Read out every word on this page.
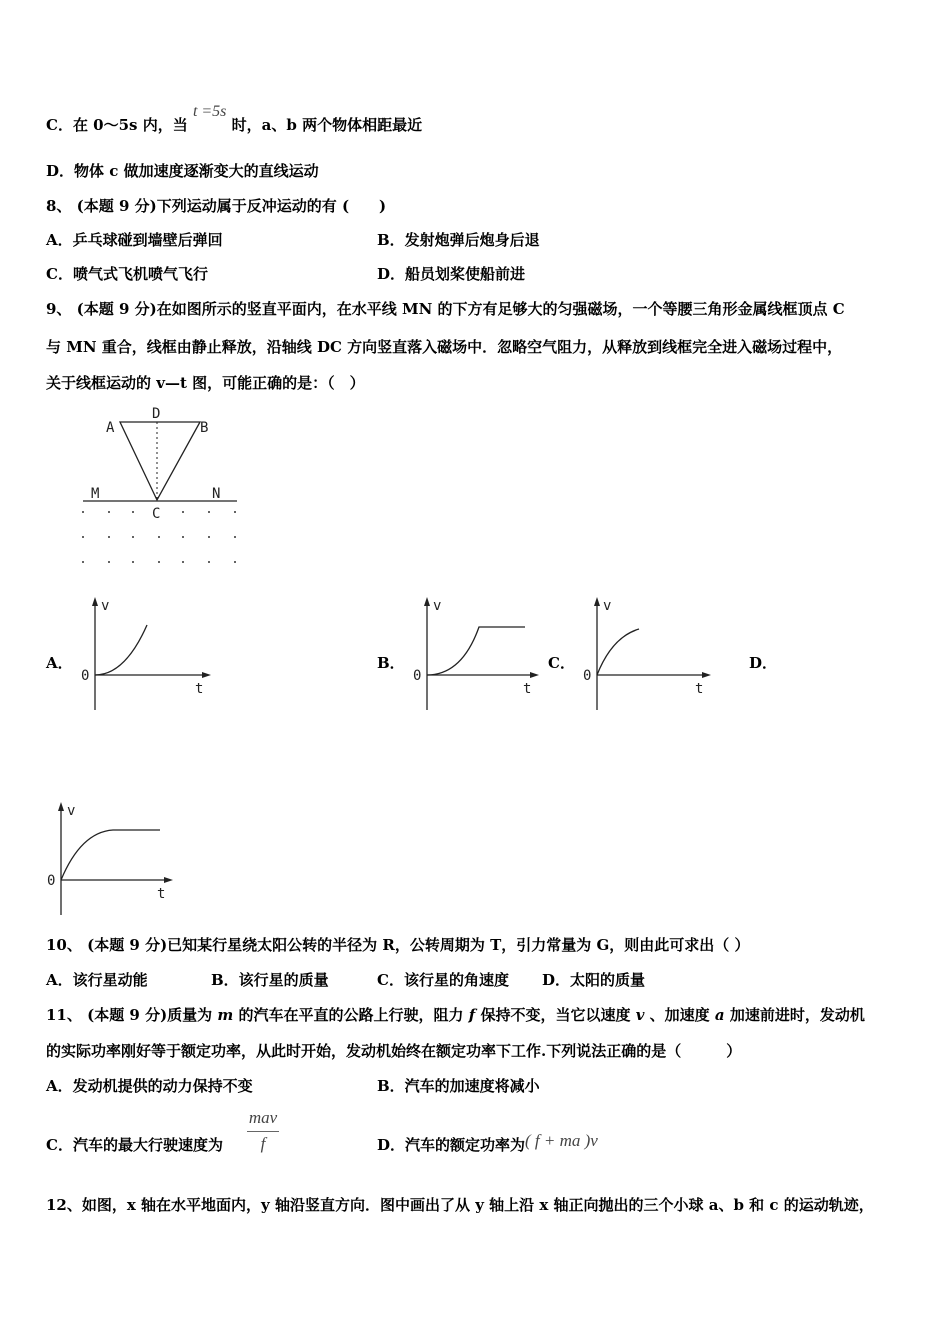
C．在 0～5s 内，当 t =5s 时，a、b 两个物体相距最近
D．物体 c 做加速度逐渐变大的直线运动
8、 (本题 9 分)下列运动属于反冲运动的有 (　　)
A．乒乓球碰到墙壁后弹回	B．发射炮弹后炮身后退
C．喷气式飞机喷气飞行	D．船员划桨使船前进
9、 (本题 9 分)在如图所示的竖直平面内，在水平线 MN 的下方有足够大的匀强磁场，一个等腰三角形金属线框顶点 C
与 MN 重合，线框由静止释放，沿轴线 DC 方向竖直落入磁场中．忽略空气阻力，从释放到线框完全进入磁场过程中，
关于线框运动的 v—t 图，可能正确的是：（　）
A	B
D
C
M	N
A．	B．	C．	D．
v
0
t
v
0
t
v
0
t
v
0
t
10、 (本题 9 分)已知某行星绕太阳公转的半径为 R，公转周期为 T，引力常量为 G，则由此可求出（ ）
A．该行星动能	B．该行星的质量	C．该行星的角速度 D．太阳的质量
11、 (本题 9 分)质量为 m 的汽车在平直的公路上行驶，阻力 f 保持不变，当它以速度 v 、加速度 a 加速前进时，发动机
的实际功率刚好等于额定功率，从此时开始，发动机始终在额定功率下工作.下列说法正确的是（　　　）
A．发动机提供的动力保持不变	B．汽车的加速度将减小
C．汽车的最大行驶速度为
mav
f	D．汽车的额定功率为( f + ma )v
12、如图，x 轴在水平地面内，y 轴沿竖直方向．图中画出了从 y 轴上沿 x 轴正向抛出的三个小球 a、b 和 c 的运动轨迹，
